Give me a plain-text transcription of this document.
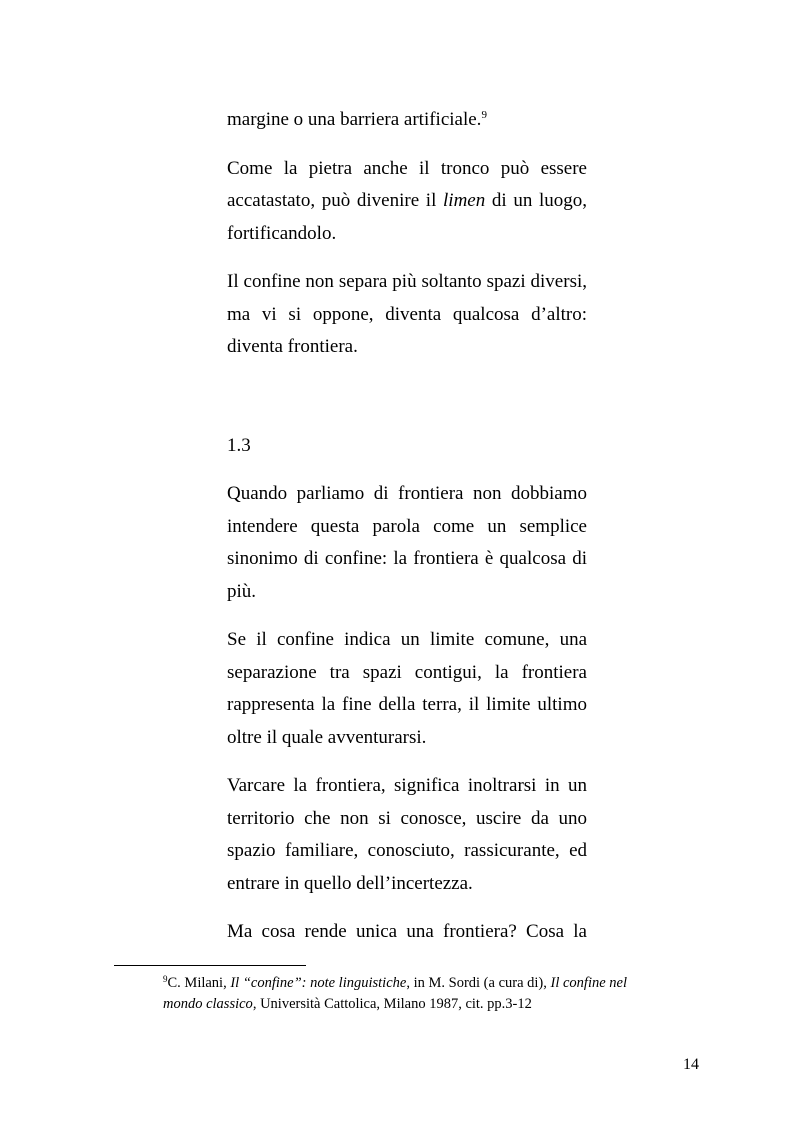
margine o una barriera artificiale.$^9$

Come la pietra anche il tronco può essere accatastato, può divenire il limen di un luogo, fortificandolo.

Il confine non separa più soltanto spazi diversi, ma vi si oppone, diventa qualcosa d’altro: diventa frontiera.

1.3

Quando parliamo di frontiera non dobbiamo intendere questa parola come un semplice sinonimo di confine: la frontiera è qualcosa di più.

Se il confine indica un limite comune, una separazione tra spazi contigui, la frontiera rappresenta la fine della terra, il limite ultimo oltre il quale avventurarsi.

Varcare la frontiera, significa inoltrarsi in un territorio che non si conosce, uscire da uno spazio familiare, conosciuto, rassicurante, ed entrare in quello dell’incertezza.

Ma cosa rende unica una frontiera? Cosa la

$^9$C. Milani, Il “confine”: note linguistiche, in M. Sordi (a cura di), Il confine nel mondo classico, Università Cattolica, Milano 1987, cit. pp.3-12
14
